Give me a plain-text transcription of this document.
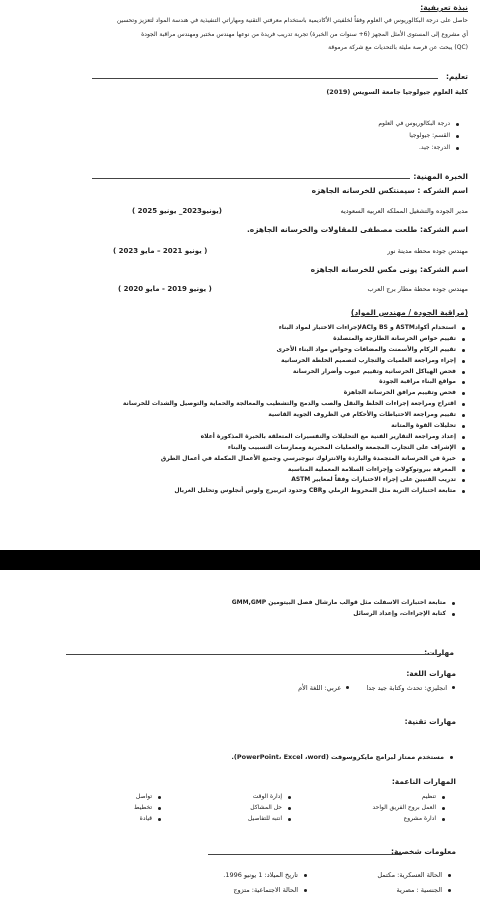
نبذة تعريفية:
حاصل على درجة البكالوريوس في العلوم وفقاً لخلفيتي الأكاديمية باستخدام معرفتي التقنية ومهاراتي التنفيذية في هندسة المواد لتعزيز وتحسين
أي مشروع إلى المستوى الأمثل المجهز (6+ سنوات من الخبرة) تجربة تدريب فريدة من نوعها مهندس مختبر ومهندس مراقبة الجودة
(QC) يبحث عن فرصة مليئة بالتحديات مع شركة مرموقة
تعليم:
كلية العلوم جيولوجيا جامعة السويس (2019)
درجة البكالوريوس في العلوم
القسم: جيولوجيا
الدرجة: جيد.
الخبرة المهنية:
اسم الشركه : سيمنتكس للخرسانه الجاهزه
مدير الجوده والتشغيل المملكه العربيه السعوديه
(يونيو2023_ يونيو 2025 )
اسم الشركة: طلعت مصطفى للمقاولات والخرسانه الجاهزه.
مهندس جوده محطه مدينة نور
( يونيو 2021 – مايو 2023 )
اسم الشركة: يونى مكس للخرسانه الجاهزه
مهندس جوده محطة مطار برج العرب
( يونيو 2019 - مايو 2020 )
(مراقبة الجودة / مهندس المواد)
استخدام أكوادASTM و BS وACIلإجراءات الاختبار لمواد البناء
تقييم خواص الخرسانة الطازجة والمتصلدة
تقييم الركام والأسمنت والمضافات وخواص مواد البناء الأخرى
إجراء ومراجعة العلميات والتجارب لتصميم الخلطة الخرسانية
فحص الهياكل الخرسانية وتقييم عيوب وأضرار الخرسانة
مواقع البناء مراقبة الجودة
فحص وتقييم مرافق الخرسانة الجاهزة
اقتراح ومراجعة إجراءات الخلط والنقل والصب والدمج والتشطيب والمعالجة والحماية والتوصيل والشدات للخرسانة
تقييم ومراجعة الاحتياطات والأحكام في الظروف الجوية القاسية
تحليلات القوة والمتانة
إعداد ومراجعة التقارير الفنية مع التحليلات والتفسيرات المتعلقة بالخبرة المذكورة أعلاه
الإشراف على التجارب المجمعة والعمليات المخبرية وممارسات التسبيب والبناء
خبرة في الخرسانة المتجمدة والباردة والانترلوك تيوجبرسي وجميع الأعمال المكملة في أعمال الطرق
المعرفة ببروتوكولات وإجراءات السلامة المعملية المناسبة
تدريب الفنيين على إجراء الاختبارات وفقاً لمعايير ASTM
متابعة اختبارات التربة مثل المخروط الرملي وCBR وحدود اتربيرج ولوس أنجلوس وتحليل الغربال
متابعة اختبارات الاسفلت مثل قوالب مارشال فصل البيتومين GMM,GMP
كتابة الإجراءات، وإعداد الرسائل
مهارات:
مهارات اللغة:
انجليزي: تحدث وكتابة جيد جدا
عربي: اللغة الأم
مهارات تقنية:
مستخدم ممتاز لبرامج مايكروسوفت (PowerPoint، Excel ،word).
المهارات الناعمة:
تنظيم
العمل بروح الفريق الواحد
ادارة مشروع
إدارة الوقت
حل المشاكل
انتبه للتفاصيل
تواصل
تخطيط
قيادة
معلومات شخصية:
الحالة العسكرية: مكتمل
الجنسية : مصرية
تاريخ الميلاد: 1 يونيو 1996.
الحالة الاجتماعية: متزوج
